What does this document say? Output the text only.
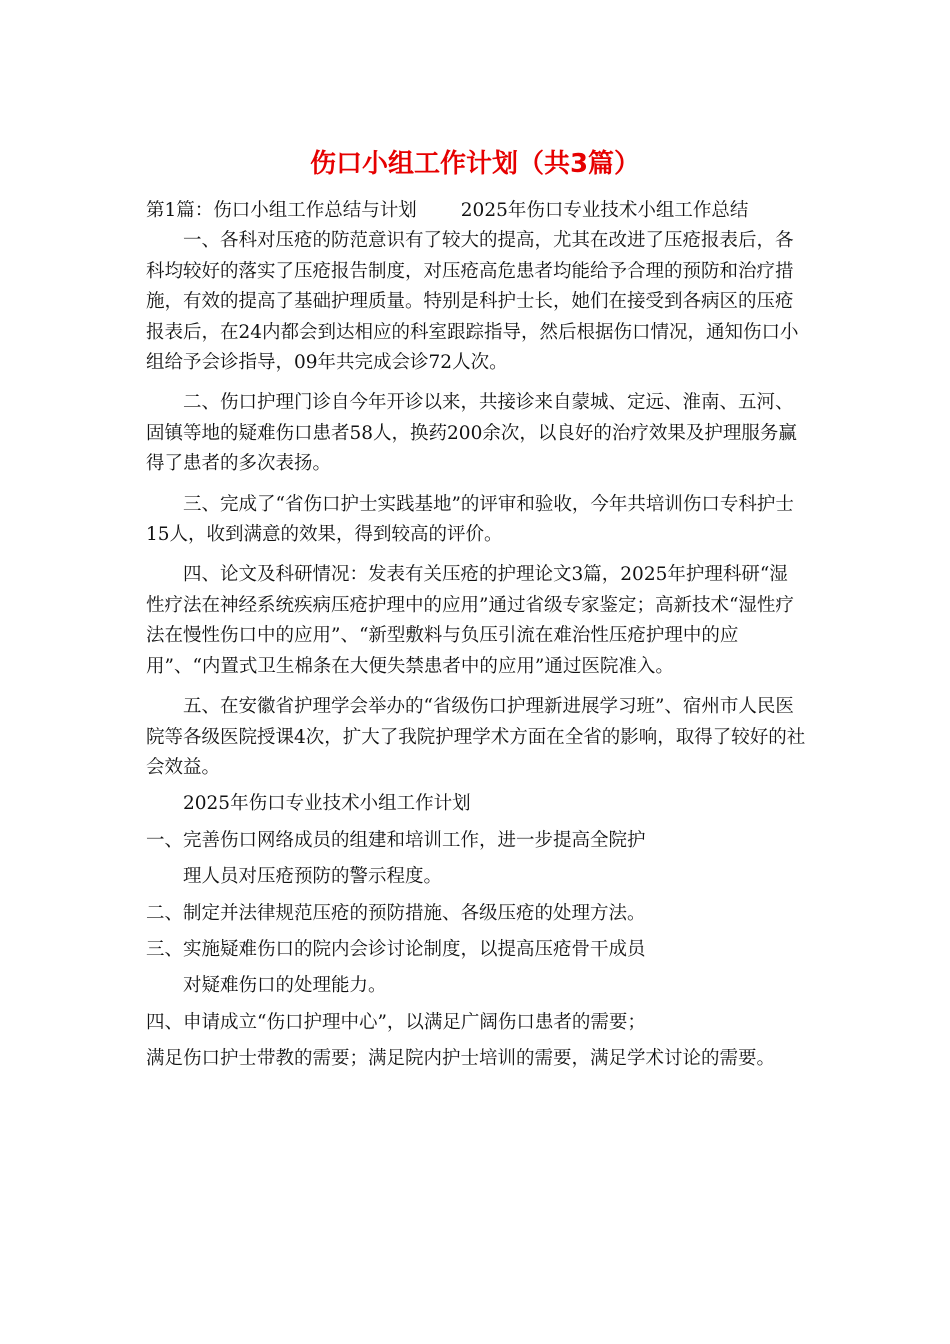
伤口小组工作计划（共3篇）

第1篇：伤口小组工作总结与计划 2025年伤口专业技术小组工作总结

一、各科对压疮的防范意识有了较大的提高，尤其在改进了压疮报表后，各科均较好的落实了压疮报告制度，对压疮高危患者均能给予合理的预防和治疗措施，有效的提高了基础护理质量。特别是科护士长，她们在接受到各病区的压疮报表后，在24内都会到达相应的科室跟踪指导，然后根据伤口情况，通知伤口小组给予会诊指导，09年共完成会诊72人次。

二、伤口护理门诊自今年开诊以来，共接诊来自蒙城、定远、淮南、五河、固镇等地的疑难伤口患者58人，换药200余次，以良好的治疗效果及护理服务赢得了患者的多次表扬。

三、完成了“省伤口护士实践基地”的评审和验收，今年共培训伤口专科护士15人，收到满意的效果，得到较高的评价。

四、论文及科研情况：发表有关压疮的护理论文3篇，2025年护理科研“湿性疗法在神经系统疾病压疮护理中的应用”通过省级专家鉴定；高新技术“湿性疗法在慢性伤口中的应用”、“新型敷料与负压引流在难治性压疮护理中的应用”、“内置式卫生棉条在大便失禁患者中的应用”通过医院准入。

五、在安徽省护理学会举办的“省级伤口护理新进展学习班”、宿州市人民医院等各级医院授课4次，扩大了我院护理学术方面在全省的影响，取得了较好的社会效益。

2025年伤口专业技术小组工作计划

一、完善伤口网络成员的组建和培训工作，进一步提高全院护

理人员对压疮预防的警示程度。

二、制定并法律规范压疮的预防措施、各级压疮的处理方法。

三、实施疑难伤口的院内会诊讨论制度，以提高压疮骨干成员

对疑难伤口的处理能力。

四、申请成立“伤口护理中心”，以满足广阔伤口患者的需要；

满足伤口护士带教的需要；满足院内护士培训的需要，满足学术讨论的需要。
